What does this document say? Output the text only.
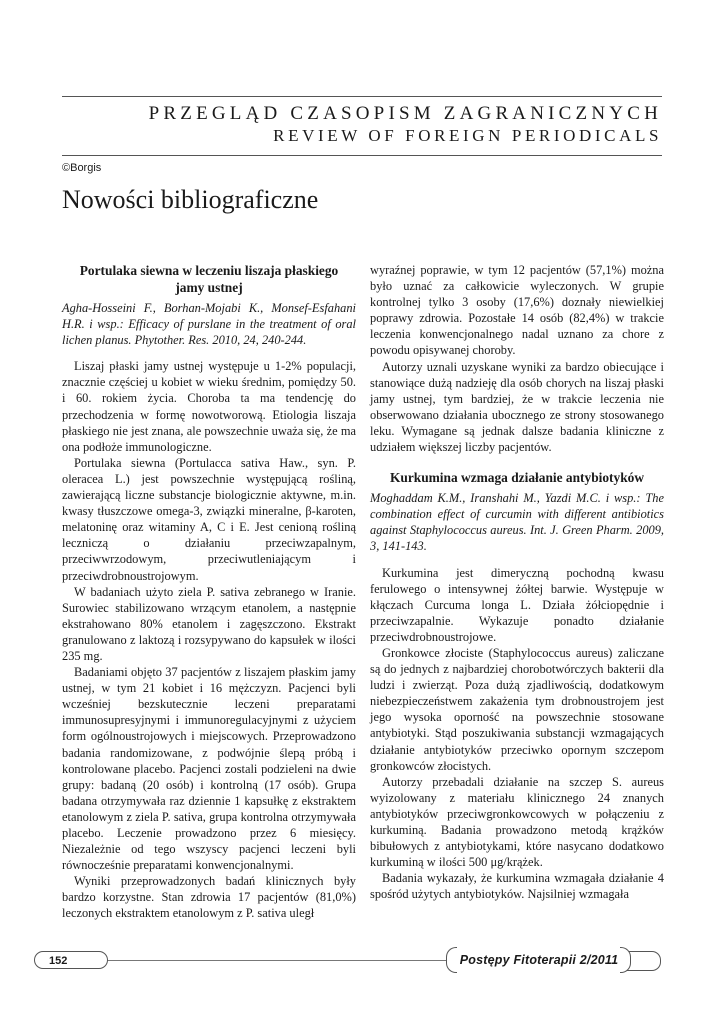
PRZEGLĄD CZASOPISM ZAGRANICZNYCH
REVIEW OF FOREIGN PERIODICALS
©Borgis
Nowości bibliograficzne
Portulaka siewna w leczeniu liszaja płaskiego jamy ustnej
Agha-Hosseini F., Borhan-Mojabi K., Monsef-Esfahani H.R. i wsp.: Efficacy of purslane in the treatment of oral lichen planus. Phytother. Res. 2010, 24, 240-244.

Liszaj płaski jamy ustnej występuje u 1-2% populacji, znacznie częściej u kobiet w wieku średnim, pomiędzy 50. i 60. rokiem życia. Choroba ta ma tendencję do przechodzenia w formę nowotworową. Etiologia liszaja płaskiego nie jest znana, ale powszechnie uważa się, że ma ona podłoże immunologiczne.

Portulaka siewna (Portulacca sativa Haw., syn. P. oleracea L.) jest powszechnie występującą rośliną, zawierającą liczne substancje biologicznie aktywne, m.in. kwasy tłuszczowe omega-3, związki mineralne, β-karoten, melatoninę oraz witaminy A, C i E. Jest cenioną rośliną leczniczą o działaniu przeciwzapalnym, przeciwwrzodowym, przeciwutleniającym i przeciwdrobnoustrojowym.

W badaniach użyto ziela P. sativa zebranego w Iranie. Surowiec stabilizowano wrzącym etanolem, a następnie ekstrahowano 80% etanolem i zagęszczono. Ekstrakt granulowano z laktozą i rozsypywano do kapsułek w ilości 235 mg.

Badaniami objęto 37 pacjentów z liszajem płaskim jamy ustnej, w tym 21 kobiet i 16 mężczyzn. Pacjenci byli wcześniej bezskutecznie leczeni preparatami immunosupresyjnymi i immunoregulacyjnymi z użyciem form ogólnoustrojowych i miejscowych. Przeprowadzono badania randomizowane, z podwójnie ślepą próbą i kontrolowane placebo. Pacjenci zostali podzieleni na dwie grupy: badaną (20 osób) i kontrolną (17 osób). Grupa badana otrzymywała raz dziennie 1 kapsułkę z ekstraktem etanolowym z ziela P. sativa, grupa kontrolna otrzymywała placebo. Leczenie prowadzono przez 6 miesięcy. Niezależnie od tego wszyscy pacjenci leczeni byli równocześnie preparatami konwencjonalnymi.

Wyniki przeprowadzonych badań klinicznych były bardzo korzystne. Stan zdrowia 17 pacjentów (81,0%) leczonych ekstraktem etanolowym z P. sativa uległ

wyraźnej poprawie, w tym 12 pacjentów (57,1%) można było uznać za całkowicie wyleczonych. W grupie kontrolnej tylko 3 osoby (17,6%) doznały niewielkiej poprawy zdrowia. Pozostałe 14 osób (82,4%) w trakcie leczenia konwencjonalnego nadal uznano za chore z powodu opisywanej choroby.

Autorzy uznali uzyskane wyniki za bardzo obiecujące i stanowiące dużą nadzieję dla osób chorych na liszaj płaski jamy ustnej, tym bardziej, że w trakcie leczenia nie obserwowano działania ubocznego ze strony stosowanego leku. Wymagane są jednak dalsze badania kliniczne z udziałem większej liczby pacjentów.

Kurkumina wzmaga działanie antybiotyków
Moghaddam K.M., Iranshahi M., Yazdi M.C. i wsp.: The combination effect of curcumin with different antibiotics against Staphylococcus aureus. Int. J. Green Pharm. 2009, 3, 141-143.

Kurkumina jest dimeryczną pochodną kwasu ferulowego o intensywnej żółtej barwie. Występuje w kłączach Curcuma longa L. Działa żółciopędnie i przeciwzapalnie. Wykazuje ponadto działanie przeciwdrobnoustrojowe.

Gronkowce złociste (Staphylococcus aureus) zaliczane są do jednych z najbardziej chorobotwórczych bakterii dla ludzi i zwierząt. Poza dużą zjadliwością, dodatkowym niebezpieczeństwem zakażenia tym drobnoustrojem jest jego wysoka oporność na powszechnie stosowane antybiotyki. Stąd poszukiwania substancji wzmagających działanie antybiotyków przeciwko opornym szczepom gronkowców złocistych.

Autorzy przebadali działanie na szczep S. aureus wyizolowany z materiału klinicznego 24 znanych antybiotyków przeciwgronkowcowych w połączeniu z kurkuminą. Badania prowadzono metodą krążków bibułowych z antybiotykami, które nasycano dodatkowo kurkuminą w ilości 500 μg/krążek.

Badania wykazały, że kurkumina wzmagała działanie 4 spośród użytych antybiotyków. Najsilniej wzmagała

152	Postępy Fitoterapii 2/2011
